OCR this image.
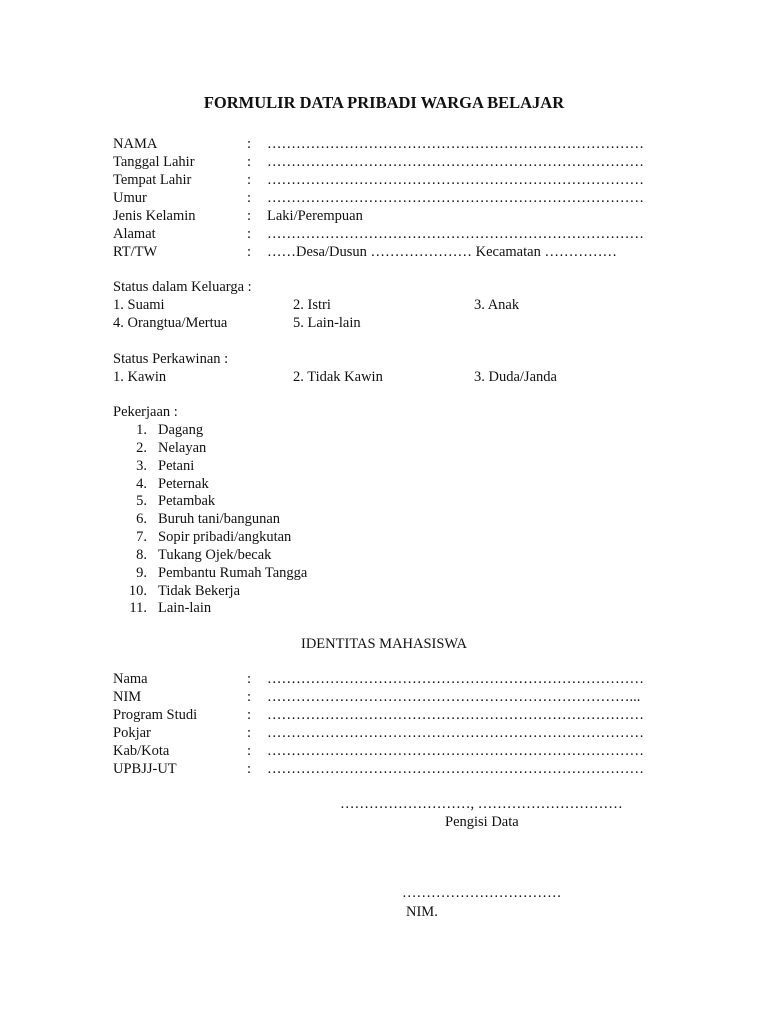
FORMULIR DATA PRIBADI WARGA BELAJAR
NAMA	: ……………………………………………………………………
Tanggal Lahir	: ……………………………………………………………………
Tempat Lahir	: ……………………………………………………………………
Umur	: ……………………………………………………………………
Jenis Kelamin	: Laki/Perempuan
Alamat	: ……………………………………………………………………
RT/TW	: ……Desa/Dusun ………………… Kecamatan ……………
Status dalam Keluarga :
1. Suami	2. Istri	3. Anak
4. Orangtua/Mertua	5. Lain-lain
Status Perkawinan :
1. Kawin	2. Tidak Kawin	3. Duda/Janda
Pekerjaan :
1. Dagang
2. Nelayan
3. Petani
4. Peternak
5. Petambak
6. Buruh tani/bangunan
7. Sopir pribadi/angkutan
8. Tukang Ojek/becak
9. Pembantu Rumah Tangga
10. Tidak Bekerja
11. Lain-lain
IDENTITAS MAHASISWA
Nama	: ……………………………………………………………………
NIM	: …………………………………………………………………...
Program Studi	: ……………………………………………………………………
Pokjar	: ……………………………………………………………………
Kab/Kota	: ……………………………………………………………………
UPBJJ-UT	: ……………………………………………………………………
………………………, …………………………
Pengisi Data
……………………………
NIM.
